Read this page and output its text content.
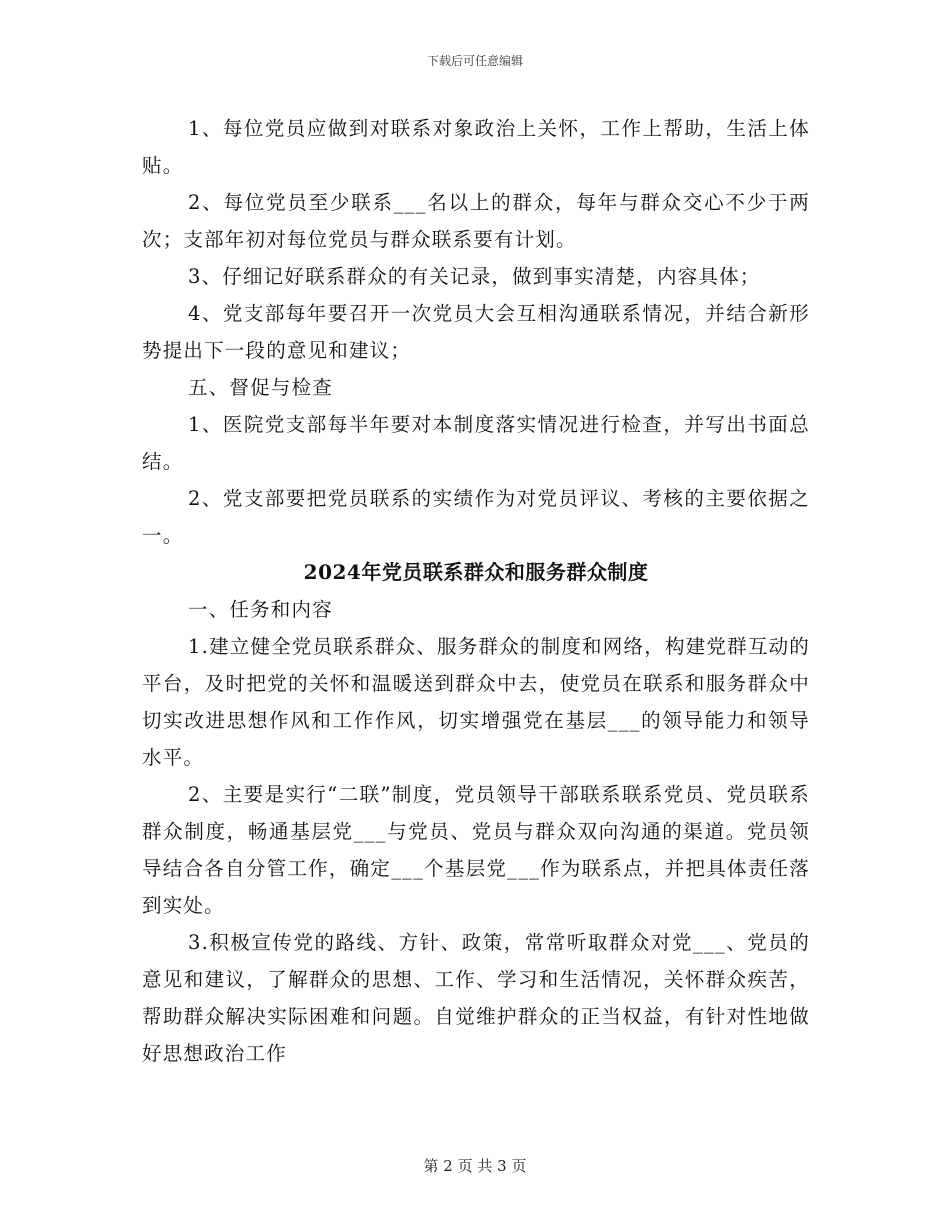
下载后可任意编辑

1、每位党员应做到对联系对象政治上关怀，工作上帮助，生活上体贴。

2、每位党员至少联系___名以上的群众，每年与群众交心不少于两次；支部年初对每位党员与群众联系要有计划。

3、仔细记好联系群众的有关记录，做到事实清楚，内容具体；

4、党支部每年要召开一次党员大会互相沟通联系情况，并结合新形势提出下一段的意见和建议；

五、督促与检查

1、医院党支部每半年要对本制度落实情况进行检查，并写出书面总结。

2、党支部要把党员联系的实绩作为对党员评议、考核的主要依据之一。

2024年党员联系群众和服务群众制度

一、任务和内容

1.建立健全党员联系群众、服务群众的制度和网络，构建党群互动的平台，及时把党的关怀和温暖送到群众中去，使党员在联系和服务群众中切实改进思想作风和工作作风，切实增强党在基层___的领导能力和领导水平。

2、主要是实行“二联”制度，党员领导干部联系联系党员、党员联系群众制度，畅通基层党___与党员、党员与群众双向沟通的渠道。党员领导结合各自分管工作，确定___个基层党___作为联系点，并把具体责任落到实处。

3.积极宣传党的路线、方针、政策，常常听取群众对党___、党员的意见和建议，了解群众的思想、工作、学习和生活情况，关怀群众疾苦，帮助群众解决实际困难和问题。自觉维护群众的正当权益，有针对性地做好思想政治工作

第 2 页 共 3 页
